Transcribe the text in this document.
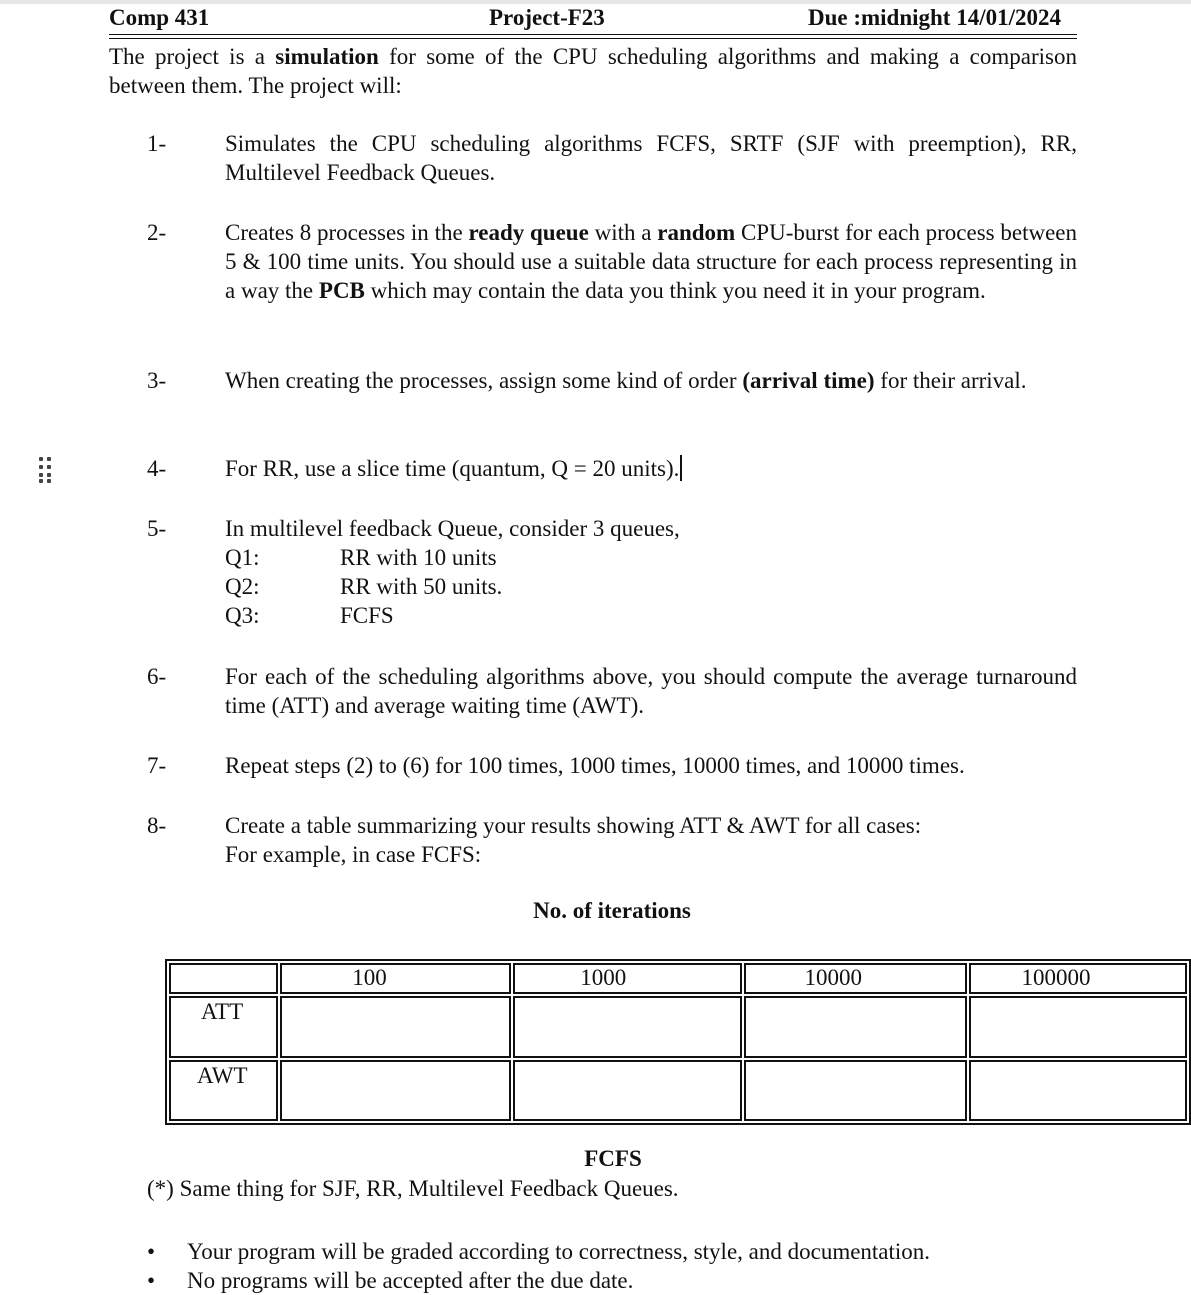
Comp 431	Project-F23	Due :midnight 14/01/2024
The project is a simulation for some of the CPU scheduling algorithms and making a comparison between them. The project will:
1-	Simulates the CPU scheduling algorithms FCFS, SRTF (SJF with preemption), RR, Multilevel Feedback Queues.
2-	Creates 8 processes in the ready queue with a random CPU-burst for each process between 5 & 100 time units. You should use a suitable data structure for each process representing in a way the PCB which may contain the data you think you need it in your program.
3-	When creating the processes, assign some kind of order (arrival time) for their arrival.
4-	For RR, use a slice time (quantum, Q = 20 units).
5-	In multilevel feedback Queue, consider 3 queues,
Q1:	RR with 10 units
Q2:	RR with 50 units.
Q3:	FCFS
6-	For each of the scheduling algorithms above, you should compute the average turnaround time (ATT) and average waiting time (AWT).
7-	Repeat steps (2) to (6) for 100 times, 1000 times, 10000 times, and 10000 times.
8-	Create a table summarizing your results showing ATT & AWT for all cases:
For example, in case FCFS:
No. of iterations
	100	1000	10000	100000
ATT				
AWT				
FCFS
(*) Same thing for SJF, RR, Multilevel Feedback Queues.
• Your program will be graded according to correctness, style, and documentation.
• No programs will be accepted after the due date.
